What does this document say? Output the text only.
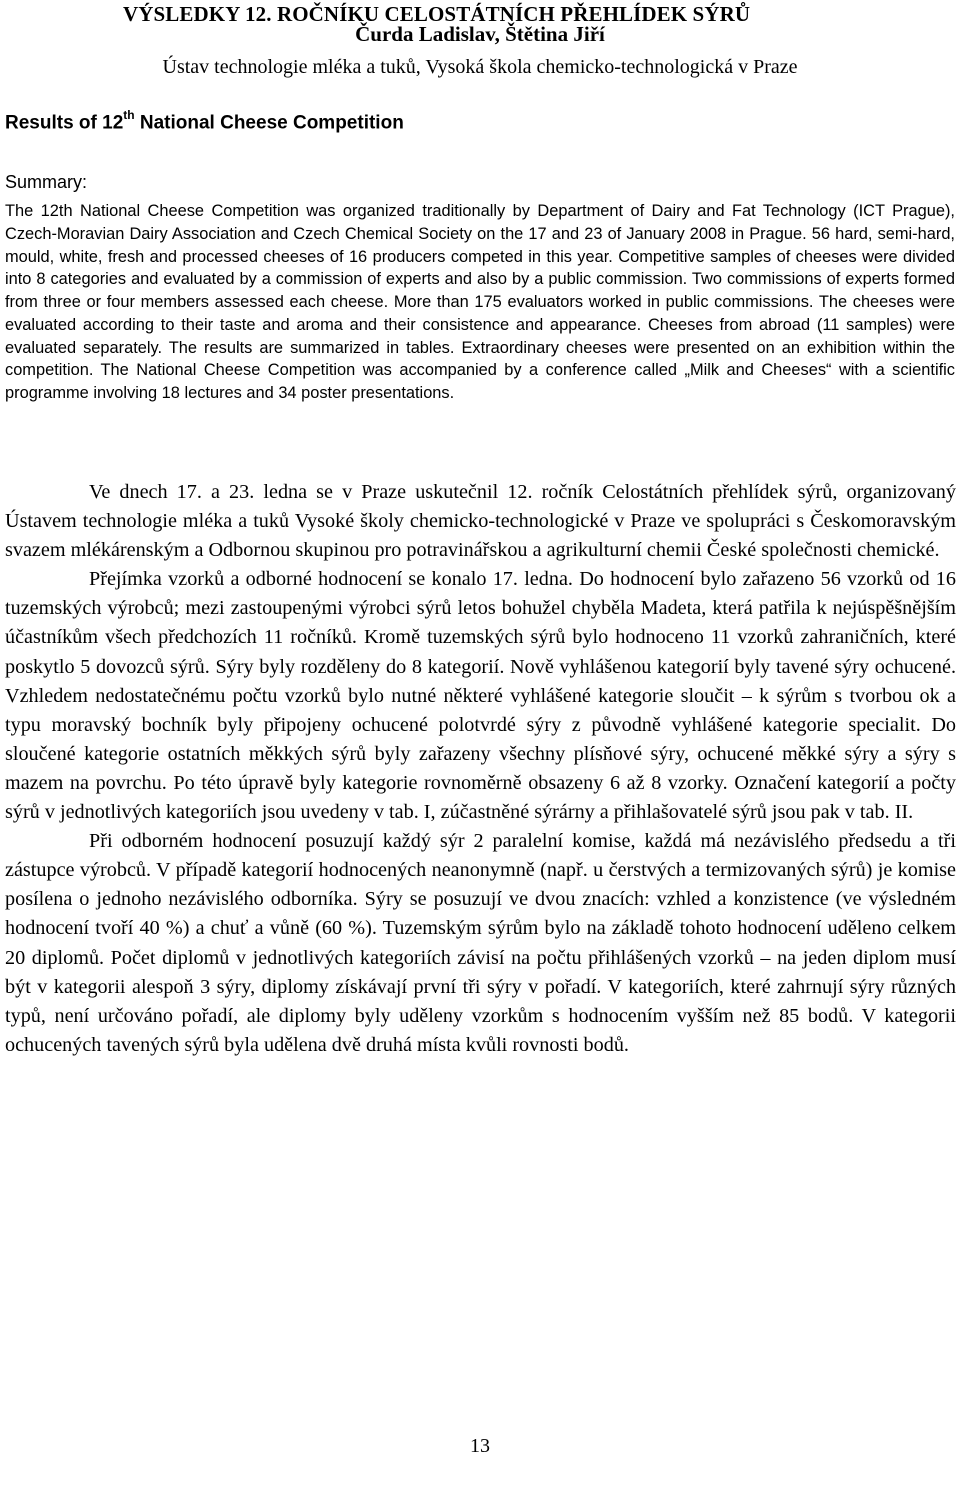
VÝSLEDKY 12. ROČNÍKU CELOSTÁTNÍCH PŘEHLÍDEK SÝRŮ
Čurda Ladislav, Štětina Jiří
Ústav technologie mléka a tuků, Vysoká škola chemicko-technologická v Praze
Results of 12th National Cheese Competition
Summary:
The 12th National Cheese Competition was organized traditionally by Department of Dairy and Fat Technology (ICT Prague), Czech-Moravian Dairy Association and Czech Chemical Society on the 17 and 23 of January 2008 in Prague. 56 hard, semi-hard, mould, white, fresh and processed cheeses of 16 producers competed in this year. Competitive samples of cheeses were divided into 8 categories and evaluated by a commission of experts and also by a public commission. Two commissions of experts formed from three or four members assessed each cheese. More than 175 evaluators worked in public commissions. The cheeses were evaluated according to their taste and aroma and their consistence and appearance. Cheeses from abroad (11 samples) were evaluated separately. The results are summarized in tables. Extraordinary cheeses were presented on an exhibition within the competition. The National Cheese Competition was accompanied by a conference called „Milk and Cheeses“ with a scientific programme involving 18 lectures and 34 poster presentations.

Ve dnech 17. a 23. ledna se v Praze uskutečnil 12. ročník Celostátních přehlídek sýrů, organizovaný Ústavem technologie mléka a tuků Vysoké školy chemicko-technologické v Praze ve spolupráci s Českomoravským svazem mlékárenským a Odbornou skupinou pro potravinářskou a agrikulturní chemii České společnosti chemické.

Přejímka vzorků a odborné hodnocení se konalo 17. ledna. Do hodnocení bylo zařazeno 56 vzorků od 16 tuzemských výrobců; mezi zastoupenými výrobci sýrů letos bohužel chyběla Madeta, která patřila k nejúspěšnějším účastníkům všech předchozích 11 ročníků. Kromě tuzemských sýrů bylo hodnoceno 11 vzorků zahraničních, které poskytlo 5 dovozců sýrů. Sýry byly rozděleny do 8 kategorií. Nově vyhlášenou kategorií byly tavené sýry ochucené. Vzhledem nedostatečnému počtu vzorků bylo nutné některé vyhlášené kategorie sloučit – k sýrům s tvorbou ok a typu moravský bochník byly připojeny ochucené polotvrdé sýry z původně vyhlášené kategorie specialit. Do sloučené kategorie ostatních měkkých sýrů byly zařazeny všechny plísňové sýry, ochucené měkké sýry a sýry s mazem na povrchu. Po této úpravě byly kategorie rovnoměrně obsazeny 6 až 8 vzorky. Označení kategorií a počty sýrů v jednotlivých kategoriích jsou uvedeny v tab. I, zúčastněné sýrárny a přihlašovatelé sýrů jsou pak v tab. II.

Při odborném hodnocení posuzují každý sýr 2 paralelní komise, každá má nezávislého předsedu a tři zástupce výrobců. V případě kategorií hodnocených neanonymně (např. u čerstvých a termizovaných sýrů) je komise posílena o jednoho nezávislého odborníka. Sýry se posuzují ve dvou znacích: vzhled a konzistence (ve výsledném hodnocení tvoří 40 %) a chuť a vůně (60 %). Tuzemským sýrům bylo na základě tohoto hodnocení uděleno celkem 20 diplomů. Počet diplomů v jednotlivých kategoriích závisí na počtu přihlášených vzorků – na jeden diplom musí být v kategorii alespoň 3 sýry, diplomy získávají první tři sýry v pořadí. V kategoriích, které zahrnují sýry různých typů, není určováno pořadí, ale diplomy byly uděleny vzorkům s hodnocením vyšším než 85 bodů. V kategorii ochucených tavených sýrů byla udělena dvě druhá místa kvůli rovnosti bodů.

13
